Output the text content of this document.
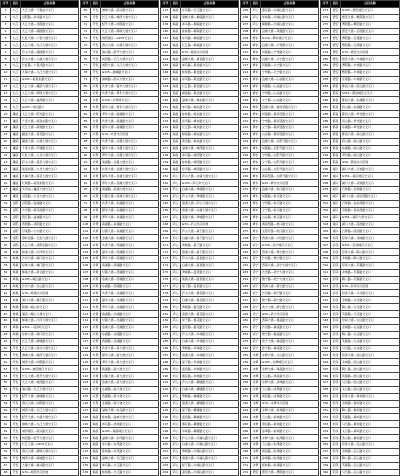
序号	县区	点位名称
1	九江	九江大道一下寨站交叉口
2	九江	浔阳路—双井路交叉口
3	九江	九江大道—浔阳路交叉口
4	九江	九江大道—湖滨路交叉口
5	九江	长虹大道—十里大道交叉口
6	九江	九江大道—长江大道交叉口
7	九江	庐山大道—湖滨路交叉口
8	九江	庐山大道—九瑞大道交叉口
9	九江	长虹路—十里河路交叉口
10	九江	九瑞大道—九江大道交叉口
11	九江	G105—前进东路交叉口
12	九江	九江大道—濂溪大道交叉口
13	九江	九江大道—明珠大道交叉口
14	九江	九江大道—福州路交叉口
15	九江	G225—市区路口
16	濂溪	九江大道—阳光路交叉口
17	濂溪	十里大道—前进东路交叉口
18	濂溪	长江大道—新港路交叉口
19	濂溪	濂溪大道—莲花路交叉口
20	濂溪	濂溪大道—九瑞大道交叉口
21	濂溪	十里大道—庐峰路交叉口
22	濂溪	长虹大道—九龙大道交叉口
23	濂溪	庐山大道—莲花大道交叉口
24	濂溪	前进东路—九龙大道交叉口
25	濂溪	九瑞大道—莲花大道交叉口
26	濂溪	长城路—前进东路交叉口
27	濂溪	火车站—濂溪大道交叉口
28	濂溪	浔南路—九龙大道交叉口
29	浔阳	浔阳路—湓浦路交叉口
30	浔阳	大中路—庾亮南路交叉口
31	浔阳	滨江路—湓浦路交叉口
32	浔阳	西园路—浔阳路交叉口
33	浔阳	甘棠路—大中路交叉口
34	浔阳	塔岭北路—长虹大道交叉口
35	浔阳	九江大道—浔阳东路交叉口
36	柴桑	柴桑大道—沙河街交叉口
37	柴桑	沙河大道—港口街交叉口
38	柴桑	东林大道—城门路交叉口
39	柴桑	柴桑大道—新合路交叉口
40	柴桑	G105—岷山路交叉口
41	柴桑	沙河大道—吉山路交叉口
42	柴桑	G70—柴桑出口匝道
43	柴桑	港口大道—狮子路交叉口
44	柴桑	新塘—岷山街交叉口
45	柴桑	涌泉—岷山大道交叉口
46	柴桑	柴桑大道—沙河大道交叉口
47	柴桑	G351—马回岭交叉口
48	柴桑	东林大道—港口街交叉口
49	开发	长江大道—港城路交叉口
50	开发	九江大道—滨兴大道交叉口
51	开发	港城大道—城西大道交叉口
52	开发	城西大道—向阳路交叉口
53	开发	G105—城西港区交叉口
54	开发	长江大道—经开大道交叉口
55	开发	九江大道—城西路交叉口
56	开发	港兴路—长江大道交叉口
57	开发	经开大道—港城路交叉口
58	开发	滨兴大道—向阳路交叉口
59	开发	城西大道—长江大道交叉口
60	开发	经开大道—九瑞大道交叉口
61	开发	港城大道—九江大道交叉口
62	开发	城西港区—港兴路交叉口
63	开发	向阳路—经开大道交叉口
64	开发	长江大道—G105交叉口
65	开发	滨兴大道—港城大道交叉口
66	开发	城西大道—港城路交叉口
67	开发	九瑞大道—港兴路交叉口
68	开发	G70—城西出口匝道
序号	县区	点位名称
69	开发	港城大道—滨兴路交叉口
70	开发	长江大道—城西大道交叉口
71	开发	经开大道—向阳路交叉口
72	开发	九江大道—港城大道交叉口
73	开发	城西港区—G105交叉口
74	开发	滨兴大道—九瑞大道交叉口
75	开发	港兴路—经开大道交叉口
76	开发	向阳路—长江大道交叉口
77	开发	城西大道—九江大道交叉口
78	开发	G105—港城路交叉口
79	开发	港城路—滨兴大道交叉口
80	共青	共青大道—富华大道交叉口
81	共青	共青大道—青年大道交叉口
82	共青	G105—共青城交叉口
83	共青	富华大道—青年大道交叉口
84	共青	青年大道—南湖路交叉口
85	共青	共青大道—南湖路交叉口
86	共青	富华大道—南湖路交叉口
87	共青	G70—共青出口匝道
88	共青	共青大道—甘露大道交叉口
89	共青	富华大道—甘露大道交叉口
90	共青	青年大道—甘露大道交叉口
91	共青	南湖路—甘露大道交叉口
92	共青	共青大道—金湖大道交叉口
93	共青	富华大道—金湖大道交叉口
94	共青	青年大道—金湖大道交叉口
95	共青	南湖路—金湖大道交叉口
96	共青	甘露大道—金湖大道交叉口
97	共青	共青大道—东湖路交叉口
98	共青	富华大道—东湖路交叉口
99	共青	青年大道—东湖路交叉口
100	共青	南湖路—东湖路交叉口
101	共青	甘露大道—东湖路交叉口
102	共青	金湖大道—东湖路交叉口
103	共青	共青大道—西湖路交叉口
104	共青	富华大道—西湖路交叉口
105	共青	青年大道—西湖路交叉口
106	共青	南湖路—西湖路交叉口
107	共青	甘露大道—西湖路交叉口
108	共青	金湖大道—西湖路交叉口
109	共青	东湖路—西湖路交叉口
110	共青	共青大道—北湖路交叉口
111	共青	富华大道—北湖路交叉口
112	共青	青年大道—北湖路交叉口
113	共青	南湖路—北湖路交叉口
114	共青	甘露大道—北湖路交叉口
115	共青	金湖大道—北湖路交叉口
116	共青	东湖路—北湖路交叉口
117	共青	西湖路—北湖路交叉口
118	共青	共青大道—南大道交叉口
119	共青	富华大道—南大道交叉口
120	共青	青年大道—南大道交叉口
121	共青	南湖路—南大道交叉口
122	共青	甘露大道—南大道交叉口
123	共青	金湖大道—南大道交叉口
124	共青	东湖路—南大道交叉口
125	共青	西湖路—南大道交叉口
126	共青	北湖路—南大道交叉口
127	瑞昌	湓城大道—赤乌路交叉口
128	瑞昌	桂林路—湓城大道交叉口
129	瑞昌	赤乌路—桂林路交叉口
130	瑞昌	G105—瑞昌城区交叉口
131	瑞昌	湓城大道—东风路交叉口
132	瑞昌	赤乌路—东风路交叉口
133	瑞昌	桂林路—东风路交叉口
134	瑞昌	湓城大道—长江路交叉口
135	瑞昌	赤乌路—长江路交叉口
136	瑞昌	桂林路—长江路交叉口
序号	县区	点位名称
137	瑞昌	东风路—长江路交叉口
138	瑞昌	湓城大道—棉麻路交叉口
139	瑞昌	赤乌路—棉麻路交叉口
140	瑞昌	桂林路—棉麻路交叉口
141	瑞昌	东风路—棉麻路交叉口
142	瑞昌	长江路—棉麻路交叉口
143	瑞昌	G70—瑞昌出口匝道
144	瑞昌	湓城大道—黄金路交叉口
145	瑞昌	赤乌路—黄金路交叉口
146	瑞昌	桂林路—黄金路交叉口
147	瑞昌	东风路—黄金路交叉口
148	瑞昌	长江路—黄金路交叉口
149	瑞昌	棉麻路—黄金路交叉口
150	瑞昌	湓城大道—城东路交叉口
151	瑞昌	赤乌路—城东路交叉口
152	瑞昌	桂林路—城东路交叉口
153	瑞昌	东风路—城东路交叉口
154	瑞昌	长江路—城东路交叉口
155	瑞昌	棉麻路—城东路交叉口
156	瑞昌	黄金路—城东路交叉口
157	瑞昌	湓城大道—城西路交叉口
158	瑞昌	赤乌路—城西路交叉口
159	瑞昌	桂林路—城西路交叉口
160	瑞昌	东风路—城西路交叉口
161	庐山	庐山大道—白鹿大道交叉口
162	庐山	G105—庐山市交叉口
163	庐山	白鹿大道—秀峰路交叉口
164	庐山	庐山大道—秀峰路交叉口
165	庐山	南康大道—庐山大道交叉口
166	庐山	南康大道—白鹿大道交叉口
167	庐山	南康大道—秀峰路交叉口
168	庐山	G70—庐山出口匝道
169	庐山	庐山大道—星子路交叉口
170	庐山	白鹿大道—星子路交叉口
171	庐山	秀峰路—星子路交叉口
172	庐山	南康大道—星子路交叉口
173	庐山	庐山大道—温泉路交叉口
174	庐山	白鹿大道—温泉路交叉口
175	庐山	秀峰路—温泉路交叉口
176	庐山	南康大道—温泉路交叉口
177	庐山	星子路—温泉路交叉口
178	庐山	庐山大道—蓼花路交叉口
179	庐山	白鹿大道—蓼花路交叉口
180	庐山	秀峰路—蓼花路交叉口
181	庐山	南康大道—蓼花路交叉口
182	庐山	星子路—蓼花路交叉口
183	庐山	温泉路—蓼花路交叉口
184	庐山	庐山大道—华林路交叉口
185	庐山	白鹿大道—华林路交叉口
186	庐山	秀峰路—华林路交叉口
187	庐山	南康大道—华林路交叉口
188	庐山	星子路—华林路交叉口
189	庐山	温泉路—华林路交叉口
190	庐山	蓼花路—华林路交叉口
191	庐山	庐山大道—横塘路交叉口
192	庐山	白鹿大道—横塘路交叉口
193	庐山	秀峰路—横塘路交叉口
194	庐山	南康大道—横塘路交叉口
195	庐山	星子路—横塘路交叉口
196	庐山	温泉路—横塘路交叉口
197	庐山	蓼花路—横塘路交叉口
198	庐山	华林路—横塘路交叉口
199	庐山	庐山大道—沙湖山路交叉口
200	庐山	白鹿大道—沙湖山路交叉口
201	庐山	秀峰路—沙湖山路交叉口
202	庐山	南康大道—沙湖山路交叉口
203	庐山	星子路—沙湖山路交叉口
204	庐山	温泉路—沙湖山路交叉口
序号	县区	点位名称
205	庐山	蓼花路—沙湖山路交叉口
206	庐山	华林路—沙湖山路交叉口
207	庐山	横塘路—沙湖山路交叉口
208	修水	良塘大道—凤凰路交叉口
209	修水	G316—修水城区交叉口
210	修水	良塘大道—宁州路交叉口
211	修水	凤凰路—宁州路交叉口
212	修水	良塘大道—义宁路交叉口
213	修水	凤凰路—义宁路交叉口
214	修水	宁州路—义宁路交叉口
215	修水	良塘大道—山谷路交叉口
216	修水	凤凰路—山谷路交叉口
217	修水	宁州路—山谷路交叉口
218	修水	义宁路—山谷路交叉口
219	修水	良塘大道—黄庭坚路交叉口
220	修水	凤凰路—黄庭坚路交叉口
221	修水	宁州路—黄庭坚路交叉口
222	修水	义宁路—黄庭坚路交叉口
223	修水	山谷路—黄庭坚路交叉口
224	修水	良塘大道—太阳升路交叉口
225	修水	凤凰路—太阳升路交叉口
226	修水	宁州路—太阳升路交叉口
227	修水	义宁路—太阳升路交叉口
228	修水	山谷路—太阳升路交叉口
229	修水	黄庭坚路—太阳升路交叉口
230	修水	G45—修水出口匝道
231	修水	良塘大道—杭口路交叉口
232	修水	凤凰路—杭口路交叉口
233	修水	宁州路—杭口路交叉口
234	修水	义宁路—杭口路交叉口
235	修水	山谷路—杭口路交叉口
236	修水	黄庭坚路—杭口路交叉口
237	修水	太阳升路—杭口路交叉口
238	武宁	西海大道—沙田路交叉口
239	武宁	G316—武宁城区交叉口
240	武宁	西海大道—豫宁路交叉口
241	武宁	沙田路—豫宁路交叉口
242	武宁	西海大道—武宁大道交叉口
243	武宁	沙田路—武宁大道交叉口
244	武宁	豫宁路—武宁大道交叉口
245	武宁	西海大道—新宁路交叉口
246	武宁	沙田路—新宁路交叉口
247	武宁	豫宁路—新宁路交叉口
248	武宁	武宁大道—新宁路交叉口
249	武宁	G56—武宁出口匝道
250	武宁	西海大道—鲁溪路交叉口
251	武宁	沙田路—鲁溪路交叉口
252	武宁	豫宁路—鲁溪路交叉口
253	武宁	武宁大道—鲁溪路交叉口
254	武宁	新宁路—鲁溪路交叉口
255	永修	永修大道—云山路交叉口
256	永修	G105—永修城区交叉口
257	永修	永修大道—建昌路交叉口
258	永修	云山路—建昌路交叉口
259	永修	永修大道—涂埠路交叉口
260	永修	云山路—涂埠路交叉口
261	永修	建昌路—涂埠路交叉口
262	永修	G70—永修出口匝道
263	永修	永修大道—柘林路交叉口
264	永修	云山路—柘林路交叉口
265	永修	建昌路—柘林路交叉口
266	永修	涂埠路—柘林路交叉口
267	永修	永修大道—虬津路交叉口
268	永修	云山路—虬津路交叉口
269	永修	建昌路—虬津路交叉口
270	永修	涂埠路—虬津路交叉口
271	永修	柘林路—虬津路交叉口
272	德安	德安大道—博阳路交叉口
序号	县区	点位名称
273	德安	G105—德安城区交叉口
274	德安	德安大道—敷阳路交叉口
275	德安	博阳路—敷阳路交叉口
276	德安	德安大道—宝塔路交叉口
277	德安	博阳路—宝塔路交叉口
278	德安	敷阳路—宝塔路交叉口
279	德安	G70—德安出口匝道
280	德安	德安大道—丰林路交叉口
281	德安	博阳路—丰林路交叉口
282	德安	敷阳路—丰林路交叉口
283	德安	宝塔路—丰林路交叉口
284	都昌	都昌大道—矶山路交叉口
285	都昌	S303—都昌城区交叉口
286	都昌	都昌大道—东湖路交叉口
287	都昌	矶山路—东湖路交叉口
288	都昌	都昌大道—翠竹路交叉口
289	都昌	矶山路—翠竹路交叉口
290	都昌	东湖路—翠竹路交叉口
291	都昌	都昌大道—南山路交叉口
292	都昌	矶山路—南山路交叉口
293	都昌	东湖路—南山路交叉口
294	都昌	翠竹路—南山路交叉口
295	都昌	G56—都昌出口匝道
296	湖口	湖口大道—石钟路交叉口
297	湖口	G351—湖口城区交叉口
298	湖口	湖口大道—双钟路交叉口
299	湖口	石钟路—双钟路交叉口
300	湖口	湖口大道—金砂湾路交叉口
301	湖口	石钟路—金砂湾路交叉口
302	湖口	双钟路—金砂湾路交叉口
303	湖口	G351—湖口大桥交叉口
304	湖口	湖口大道—流泗路交叉口
305	湖口	石钟路—流泗路交叉口
306	彭泽	彭泽大道—龙城路交叉口
307	彭泽	G351—彭泽城区交叉口
308	彭泽	彭泽大道—陶公路交叉口
309	彭泽	龙城路—陶公路交叉口
310	彭泽	彭泽大道—芙蓉路交叉口
311	彭泽	龙城路—芙蓉路交叉口
312	彭泽	陶公路—芙蓉路交叉口
313	彭泽	G35—彭泽出口匝道
314	彭泽	彭泽大道—马当路交叉口
315	彭泽	龙城路—马当路交叉口
316	彭泽	陶公路—马当路交叉口
317	彭泽	芙蓉路—马当路交叉口
318	彭泽	彭泽大道—太白路交叉口
319	彭泽	龙城路—太白路交叉口
320	彭泽	陶公路—太白路交叉口
321	彭泽	芙蓉路—太白路交叉口
322	彭泽	马当路—太白路交叉口
323	彭泽	彭泽大道—浩山路交叉口
324	彭泽	龙城路—浩山路交叉口
325	彭泽	陶公路—浩山路交叉口
326	彭泽	芙蓉路—浩山路交叉口
327	彭泽	马当路—浩山路交叉口
328	彭泽	太白路—浩山路交叉口
329	彭泽	彭泽大道—黄岭路交叉口
330	彭泽	龙城路—黄岭路交叉口
331	彭泽	陶公路—黄岭路交叉口
332	彭泽	芙蓉路—黄岭路交叉口
333	彭泽	马当路—黄岭路交叉口
334	彭泽	太白路—黄岭路交叉口
335	彭泽	浩山路—黄岭路交叉口
336	彭泽	彭泽大道—定山路交叉口
337	彭泽	龙城路—定山路交叉口
338	彭泽	陶公路—定山路交叉口
339	彭泽	芙蓉路—定山路交叉口
340	彭泽	马当路—定山路交叉口
